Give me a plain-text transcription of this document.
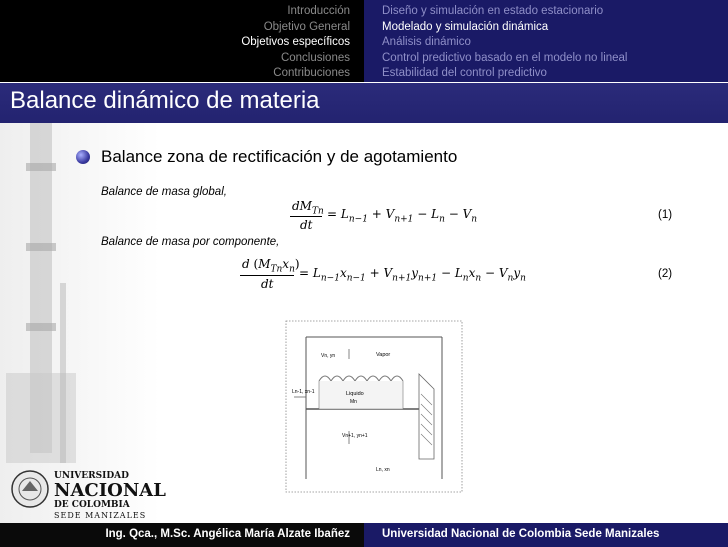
Introducción
Objetivo General
Objetivos específicos
Conclusiones
Contribuciones
Diseño y simulación en estado estacionario
Modelado y simulación dinámica
Análisis dinámico
Control predictivo basado en el modelo no lineal
Estabilidad del control predictivo
Balance dinámico de materia
Balance zona de rectificación y de agotamiento
Balance de masa global,
$dM_{Tn}$
dt
= $L_{n-1} + V_{n+1} - L_n - V_n$	(1)
Balance de masa por componente,
d $(M_{Tn}x_n)$
dt
= $L_{n-1}x_{n-1} + V_{n+1}y_{n+1} - L_nx_n - V_ny_n$	(2)
Vn, yn	Vapor
Ln-1, xn-1	Liquido
Mn
Vn+1, yn+1
Ln, xn
UNIVERSIDAD
NACIONAL
DE COLOMBIA
SEDE MANIZALES
Ing. Qca., M.Sc. Angélica María Alzate Ibañez	Universidad Nacional de Colombia Sede Manizales
